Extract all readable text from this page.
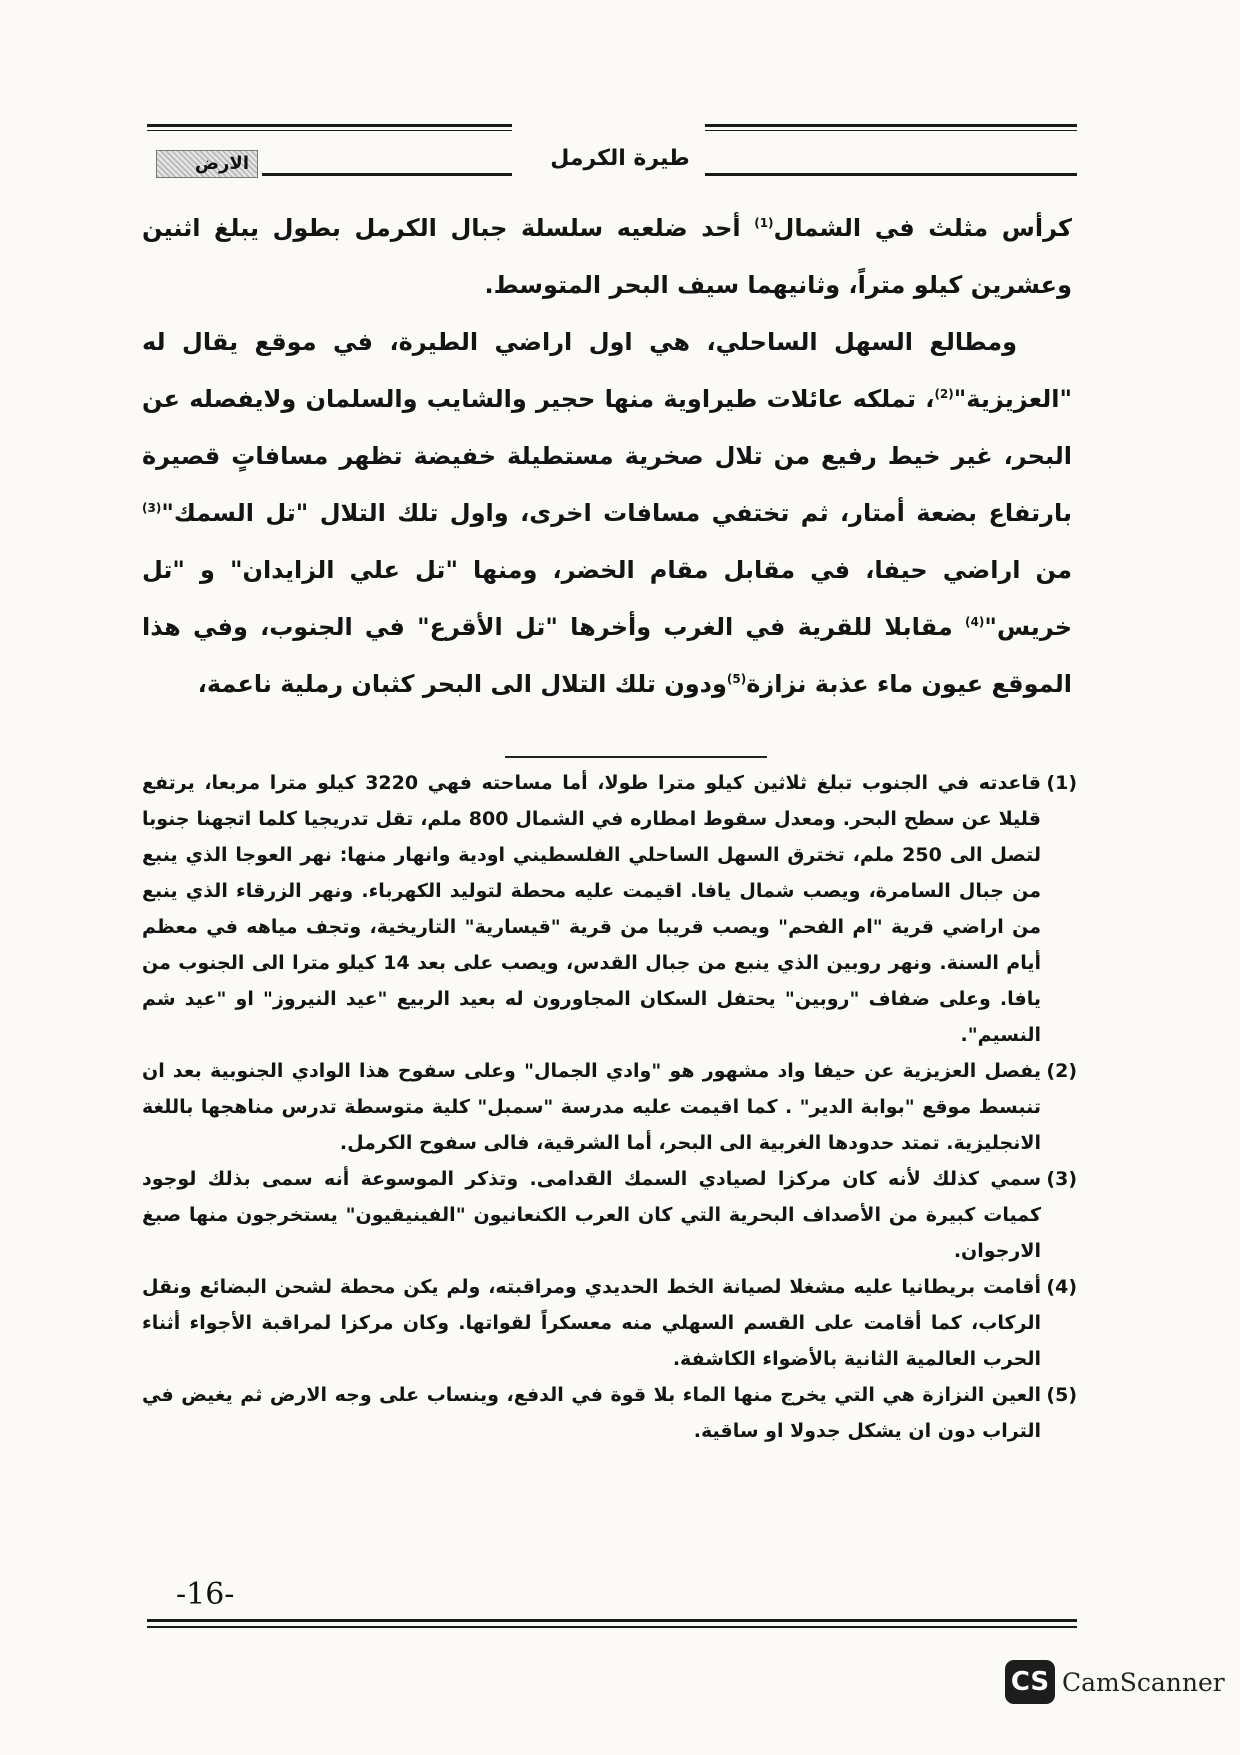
طيرة الكرمل
الارض

كرأس مثلث في الشمال$^{(1)}$ أحد ضلعيه سلسلة جبال الكرمل بطول يبلغ اثنين وعشرين كيلو متراً، وثانيهما سيف البحر المتوسط.

ومطالع السهل الساحلي، هي اول اراضي الطيرة، في موقع يقال له "العزيزية"$^{(2)}$، تملكه عائلات طيراوية منها حجير والشايب والسلمان ولايفصله عن البحر، غير خيط رفيع من تلال صخرية مستطيلة خفيضة تظهر مسافاتٍ قصيرة بارتفاع بضعة أمتار، ثم تختفي مسافات اخرى، واول تلك التلال "تل السمك"$^{(3)}$ من اراضي حيفا، في مقابل مقام الخضر، ومنها "تل علي الزايدان" و "تل خريس"$^{(4)}$ مقابلا للقرية في الغرب وأخرها "تل الأقرع" في الجنوب، وفي هذا الموقع عيون ماء عذبة نزازة$^{(5)}$ودون تلك التلال الى البحر كثبان رملية ناعمة،

(1)
قاعدته في الجنوب تبلغ ثلاثين كيلو مترا طولا، أما مساحته فهي 3220 كيلو مترا مربعا، يرتفع قليلا عن سطح البحر. ومعدل سقوط امطاره في الشمال 800 ملم، تقل تدريجيا كلما اتجهنا جنوبا لتصل الى 250 ملم، تخترق السهل الساحلي الفلسطيني اودية وانهار منها: نهر العوجا الذي ينبع من جبال السامرة، ويصب شمال يافا. اقيمت عليه محطة لتوليد الكهرباء. ونهر الزرقاء الذي ينبع من اراضي قرية "ام الفحم" ويصب قريبا من قرية "قيسارية" التاريخية، وتجف مياهه في معظم أيام السنة. ونهر روبين الذي ينبع من جبال القدس، ويصب على بعد 14 كيلو مترا الى الجنوب من يافا. وعلى ضفاف "روبين" يحتفل السكان المجاورون له بعيد الربيع "عيد النيروز" او "عيد شم النسيم".
(2)
يفصل العزيزية عن حيفا واد مشهور هو "وادي الجمال" وعلى سفوح هذا الوادي الجنوبية بعد ان تنبسط موقع "بوابة الدير" . كما اقيمت عليه مدرسة "سمبل" كلية متوسطة تدرس مناهجها باللغة الانجليزية. تمتد حدودها الغربية الى البحر، أما الشرقية، فالى سفوح الكرمل.
(3)
سمي كذلك لأنه كان مركزا لصيادي السمك القدامى. وتذكر الموسوعة أنه سمى بذلك لوجود كميات كبيرة من الأصداف البحرية التي كان العرب الكنعانيون "الفينيقيون" يستخرجون منها صبغ الارجوان.
(4)
أقامت بريطانيا عليه مشغلا لصيانة الخط الحديدي ومراقبته، ولم يكن محطة لشحن البضائع ونقل الركاب، كما أقامت على القسم السهلي منه معسكراً لقواتها. وكان مركزا لمراقبة الأجواء أثناء الحرب العالمية الثانية بالأضواء الكاشفة.
(5)
العين النزازة هي التي يخرج منها الماء بلا قوة في الدفع، وينساب على وجه الارض ثم يغيض في التراب دون ان يشكل جدولا او ساقية.
-16-
CS CamScanner
